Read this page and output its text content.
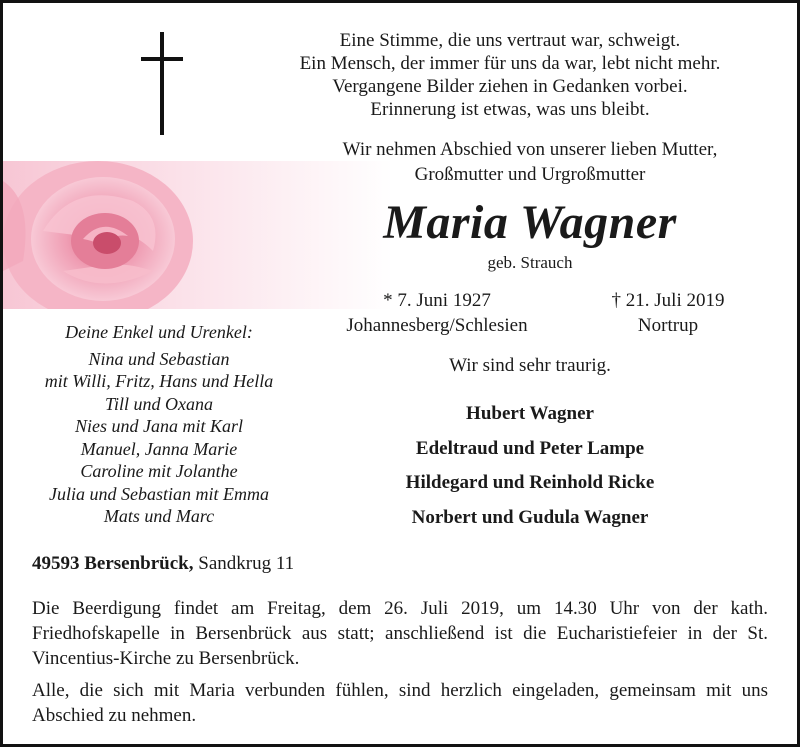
Eine Stimme, die uns vertraut war, schweigt.
Ein Mensch, der immer für uns da war, lebt nicht mehr.
Vergangene Bilder ziehen in Gedanken vorbei.
Erinnerung ist etwas, was uns bleibt.
Wir nehmen Abschied von unserer lieben Mutter,
Großmutter und Urgroßmutter
Maria Wagner
geb. Strauch
* 7. Juni 1927
Johannesberg/Schlesien
† 21. Juli 2019
Nortrup
Deine Enkel und Urenkel:
Nina und Sebastian
mit Willi, Fritz, Hans und Hella
Till und Oxana
Nies und Jana mit Karl
Manuel, Janna Marie
Caroline mit Jolanthe
Julia und Sebastian mit Emma
Mats und Marc
Wir sind sehr traurig.
Hubert Wagner
Edeltraud und Peter Lampe
Hildegard und Reinhold Ricke
Norbert und Gudula Wagner
49593 Bersenbrück, Sandkrug 11
Die Beerdigung findet am Freitag, dem 26. Juli 2019, um 14.30 Uhr von der kath. Friedhofskapelle in Bersenbrück aus statt; anschließend ist die Eucharistiefeier in der St. Vincentius-Kirche zu Bersenbrück.
Alle, die sich mit Maria verbunden fühlen, sind herzlich eingeladen, gemeinsam mit uns Abschied zu nehmen.
